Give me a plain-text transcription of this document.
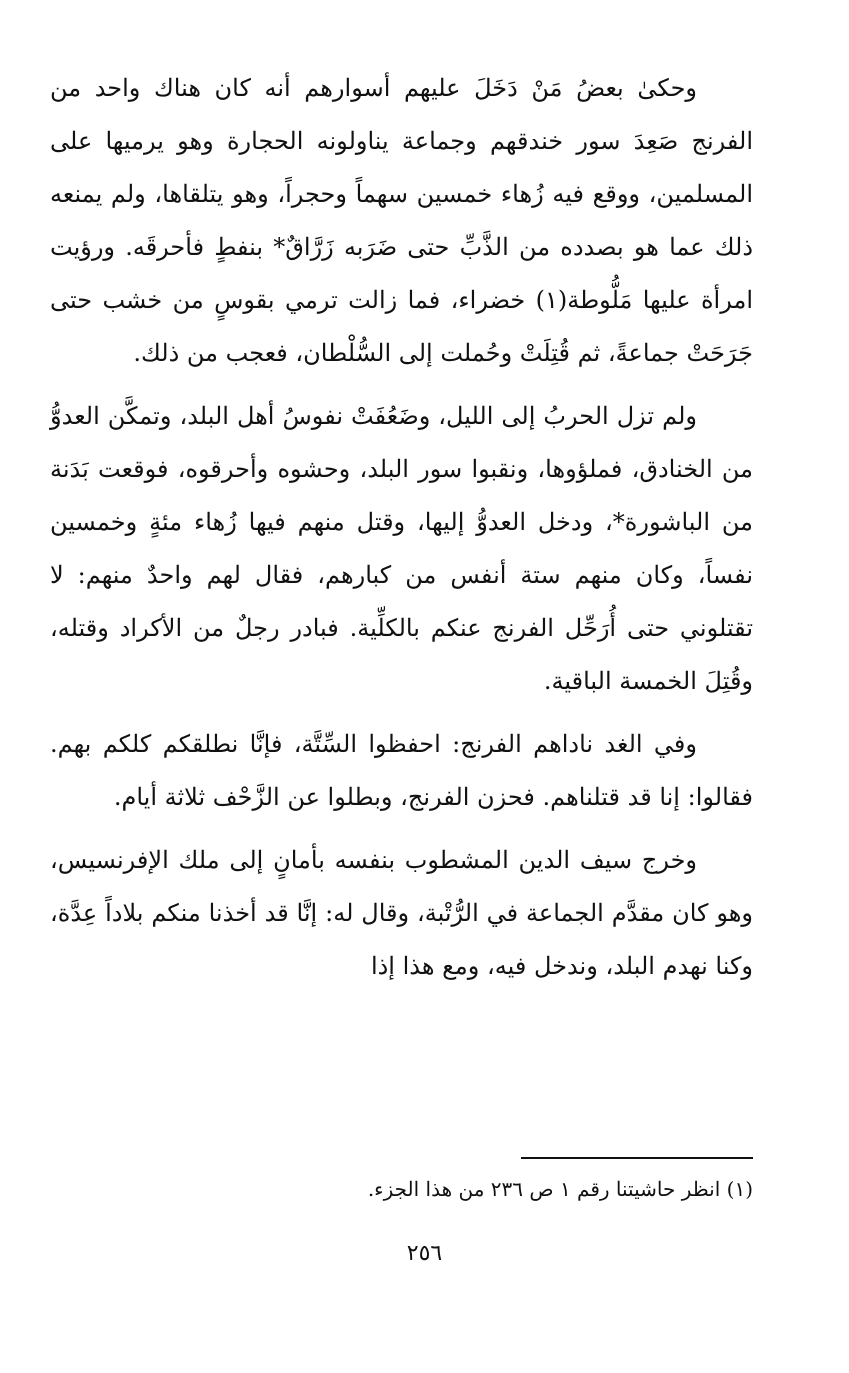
وحكىٰ بعضُ مَنْ دَخَلَ عليهم أسوارهم أنه كان هناك واحد من الفرنج صَعِدَ سور خندقهم وجماعة يناولونه الحجارة وهو يرميها على المسلمين، ووقع فيه زُهاء خمسين سهماً وحجراً، وهو يتلقاها، ولم يمنعه ذلك عما هو بصدده من الذَّبِّ حتى ضَرَبه زَرَّاقٌ* بنفطٍ فأحرقَه. ورؤيت امرأة عليها مَلُّوطة(١) خضراء، فما زالت ترمي بقوسٍ من خشب حتى جَرَحَتْ جماعةً، ثم قُتِلَتْ وحُملت إلى السُّلْطان، فعجب من ذلك.

ولم تزل الحربُ إلى الليل، وضَعُفَتْ نفوسُ أهل البلد، وتمكَّن العدوُّ من الخنادق، فملؤوها، ونقبوا سور البلد، وحشوه وأحرقوه، فوقعت بَدَنة من الباشورة*، ودخل العدوُّ إليها، وقتل منهم فيها زُهاء مئةٍ وخمسين نفساً، وكان منهم ستة أنفس من كبارهم، فقال لهم واحدٌ منهم: لا تقتلوني حتى أُرَحِّل الفرنج عنكم بالكلِّية. فبادر رجلٌ من الأكراد وقتله، وقُتِلَ الخمسة الباقية.

وفي الغد ناداهم الفرنج: احفظوا السِّتَّة، فإنَّا نطلقكم كلكم بهم. فقالوا: إنا قد قتلناهم. فحزن الفرنج، وبطلوا عن الزَّحْف ثلاثة أيام.

وخرج سيف الدين المشطوب بنفسه بأمانٍ إلى ملك الإفرنسيس، وهو كان مقدَّم الجماعة في الرُّتْبة، وقال له: إنَّا قد أخذنا منكم بلاداً عِدَّة، وكنا نهدم البلد، وندخل فيه، ومع هذا إذا

(١) انظر حاشيتنا رقم ١ ص ٢٣٦ من هذا الجزء.

٢٥٦
